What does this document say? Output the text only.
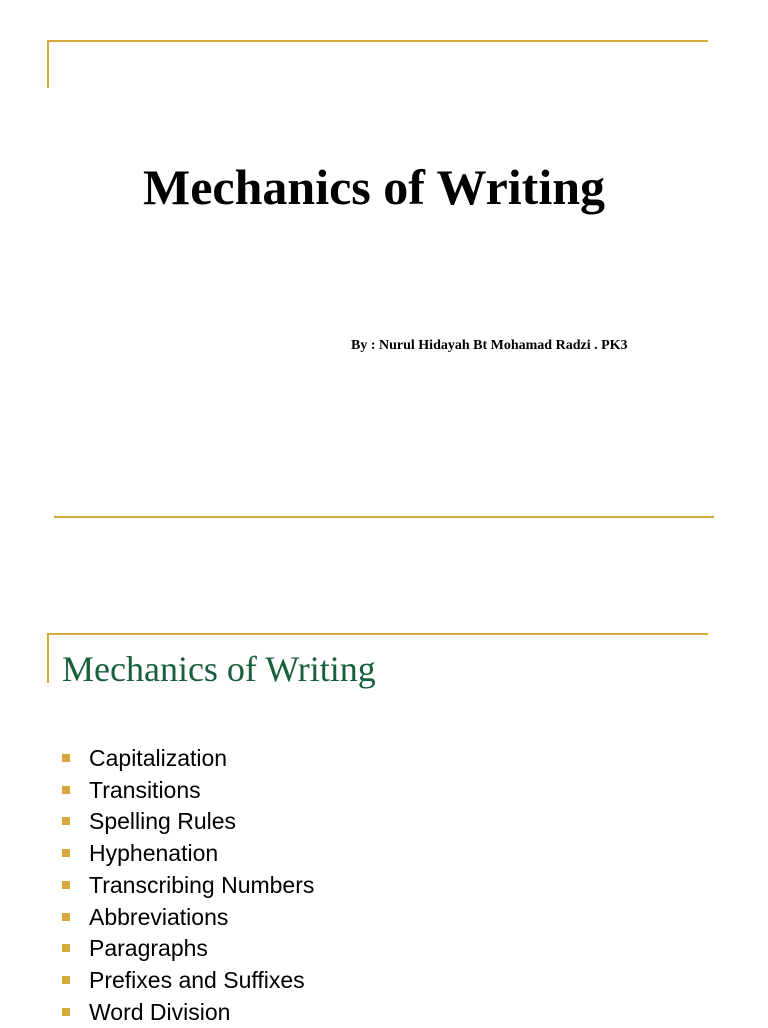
Mechanics of Writing
By : Nurul Hidayah Bt Mohamad Radzi . PK3
Mechanics of Writing
Capitalization
Transitions
Spelling Rules
Hyphenation
Transcribing Numbers
Abbreviations
Paragraphs
Prefixes and Suffixes
Word Division
